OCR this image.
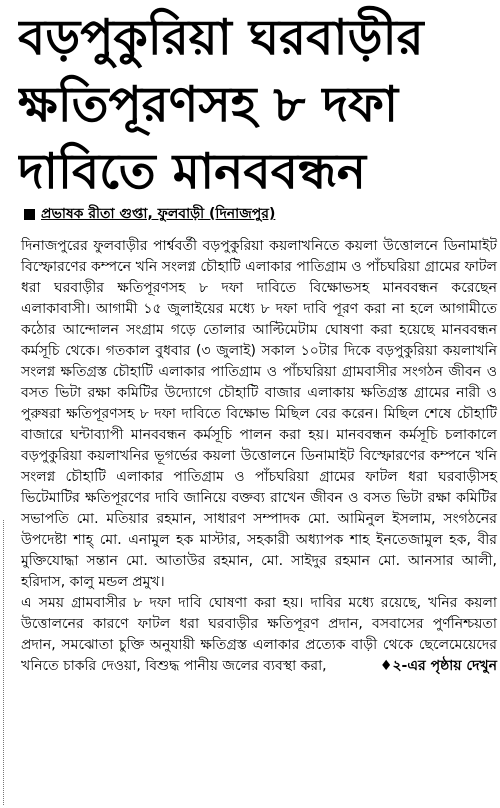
বড়পুকুরিয়া ঘরবাড়ীর
ক্ষতিপূরণসহ ৮ দফা
দাবিতে মানববন্ধন
প্রভাষক রীতা গুপ্তা, ফুলবাড়ী (দিনাজপুর)

দিনাজপুরের ফুলবাড়ীর পার্শ্ববর্তী বড়পুকুরিয়া কয়লাখনিতে কয়লা উত্তোলনে ডিনামাইট বিস্ফোরণের কম্পনে খনি সংলগ্ন চৌহাটি এলাকার পাতিগ্রাম ও পাঁচঘরিয়া গ্রামের ফাটল ধরা ঘরবাড়ীর ক্ষতিপূরণসহ ৮ দফা দাবিতে বিক্ষোভসহ মানববন্ধন করেছেন এলাকাবাসী। আগামী ১৫ জুলাইয়ের মধ্যে ৮ দফা দাবি পূরণ করা না হলে আগামীতে কঠোর আন্দোলন সংগ্রাম গড়ে তোলার আল্টিমেটাম ঘোষণা করা হয়েছে মানববন্ধন কর্মসূচি থেকে। গতকাল বুধবার (৩ জুলাই) সকাল ১০টার দিকে বড়পুকুরিয়া কয়লাখনি সংলগ্ন ক্ষতিগ্রস্ত চৌহাটি এলাকার পাতিগ্রাম ও পাঁচঘরিয়া গ্রামবাসীর সংগঠন জীবন ও বসত ভিটা রক্ষা কমিটির উদ্যোগে চৌহাটি বাজার এলাকায় ক্ষতিগ্রস্ত গ্রামের নারী ও পুরুষরা ক্ষতিপূরণসহ ৮ দফা দাবিতে বিক্ষোভ মিছিল বের করেন। মিছিল শেষে চৌহাটি বাজারে ঘন্টাব্যাপী মানববন্ধন কর্মসূচি পালন করা হয়। মানববন্ধন কর্মসূচি চলাকালে বড়পুকুরিয়া কয়লাখনির ভূগর্ভের কয়লা উত্তোলনে ডিনামাইট বিস্ফোরণের কম্পনে খনি সংলগ্ন চৌহাটি এলাকার পাতিগ্রাম ও পাঁচঘরিয়া গ্রামের ফাটল ধরা ঘরবাড়ীসহ ভিটেমাটির ক্ষতিপূরণের দাবি জানিয়ে বক্তব্য রাখেন জীবন ও বসত ভিটা রক্ষা কমিটির সভাপতি মো. মতিয়ার রহমান, সাধারণ সম্পাদক মো. আমিনুল ইসলাম, সংগঠনের উপদেষ্টা শাহ্ মো. এনামুল হক মাস্টার, সহকারী অধ্যাপক শাহ ইনতেজামুল হক, বীর মুক্তিযোদ্ধা সন্তান মো. আতাউর রহমান, মো. সাইদুর রহমান মো. আনসার আলী, হরিদাস, কালু মন্ডল প্রমুখ।

এ সময় গ্রামবাসীর ৮ দফা দাবি ঘোষণা করা হয়। দাবির মধ্যে রয়েছে, খনির কয়লা উত্তোলনের কারণে ফাটল ধরা ঘরবাড়ীর ক্ষতিপূরণ প্রদান, বসবাসের পুর্ণনিশ্চয়তা প্রদান, সমঝোতা চুক্তি অনুযায়ী ক্ষতিগ্রস্ত এলাকার প্রত্যেক বাড়ী থেকে ছেলেমেয়েদের খনিতে চাকরি দেওয়া, বিশুদ্ধ পানীয় জলের ব্যবস্থা করা,	♦২-এর পৃষ্ঠায় দেখুন
